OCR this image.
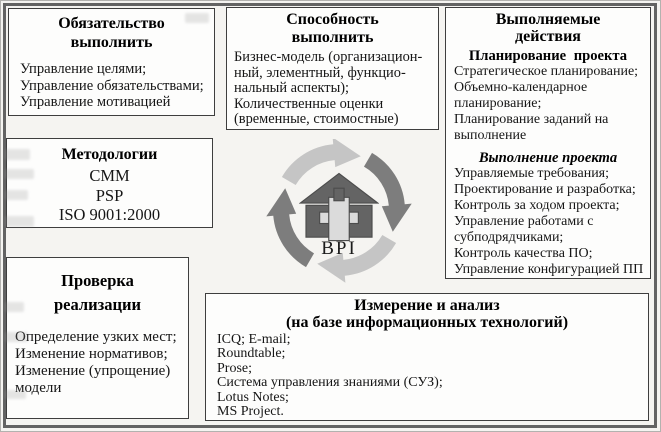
Обязательство
выполнить
Управление целями;
Управление обязательствами;
Управление мотивацией
Способность
выполнить
Бизнес-модель (организацион-
ный, элементный, функцио-
нальный аспекты);
Количественные оценки
(временные, стоимостные)
Выполняемые
действия
Планирование проекта
Стратегическое планирование;
Объемно-календарное
планирование;
Планирование заданий на
выполнение
Выполнение проекта
Управляемые требования;
Проектирование и разработка;
Контроль за ходом проекта;
Управление работами с
субподрядчиками;
Контроль качества ПО;
Управление конфигурацией ПП
Методологии
CMM
PSP
ISO 9001:2000
Проверка
реализации
Определение узких мест;
Изменение нормативов;
Изменение (упрощение)
модели
Измерение и анализ
(на базе информационных технологий)
ICQ; E-mail;
Roundtable;
Prose;
Система управления знаниями (СУЗ);
Lotus Notes;
MS Project.
BPI
